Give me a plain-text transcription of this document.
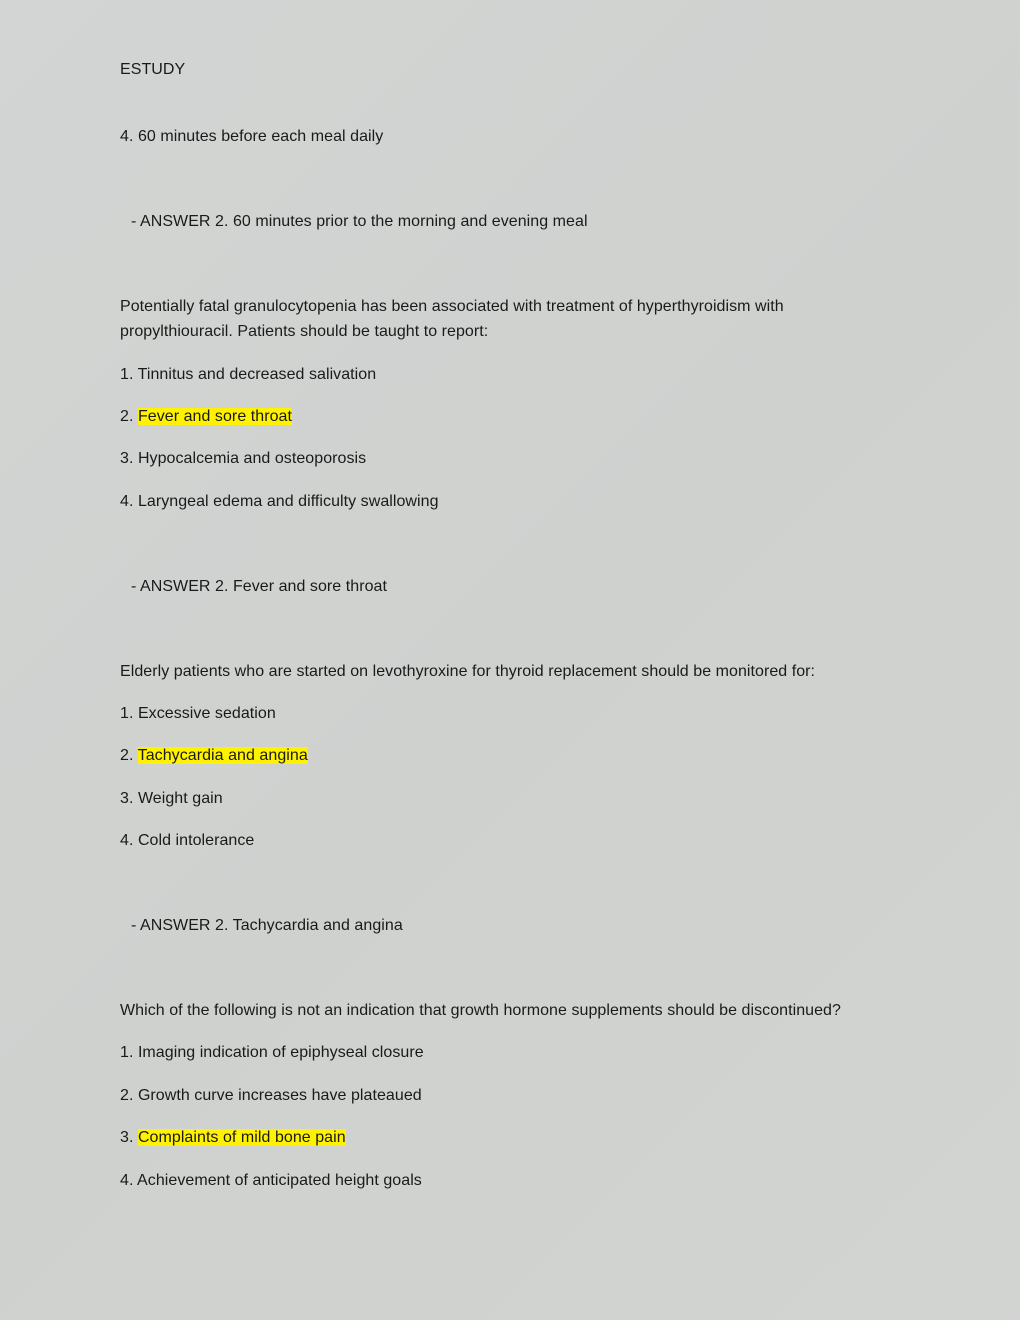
ESTUDY
4. 60 minutes before each meal daily
- ANSWER 2. 60 minutes prior to the morning and evening meal
Potentially fatal granulocytopenia has been associated with treatment of hyperthyroidism with
propylthiouracil. Patients should be taught to report:
1. Tinnitus and decreased salivation
2. Fever and sore throat
3. Hypocalcemia and osteoporosis
4. Laryngeal edema and difficulty swallowing
- ANSWER 2. Fever and sore throat
Elderly patients who are started on levothyroxine for thyroid replacement should be monitored for:
1. Excessive sedation
2. Tachycardia and angina
3. Weight gain
4. Cold intolerance
- ANSWER 2. Tachycardia and angina
Which of the following is not an indication that growth hormone supplements should be discontinued?
1. Imaging indication of epiphyseal closure
2. Growth curve increases have plateaued
3. Complaints of mild bone pain
4. Achievement of anticipated height goals
